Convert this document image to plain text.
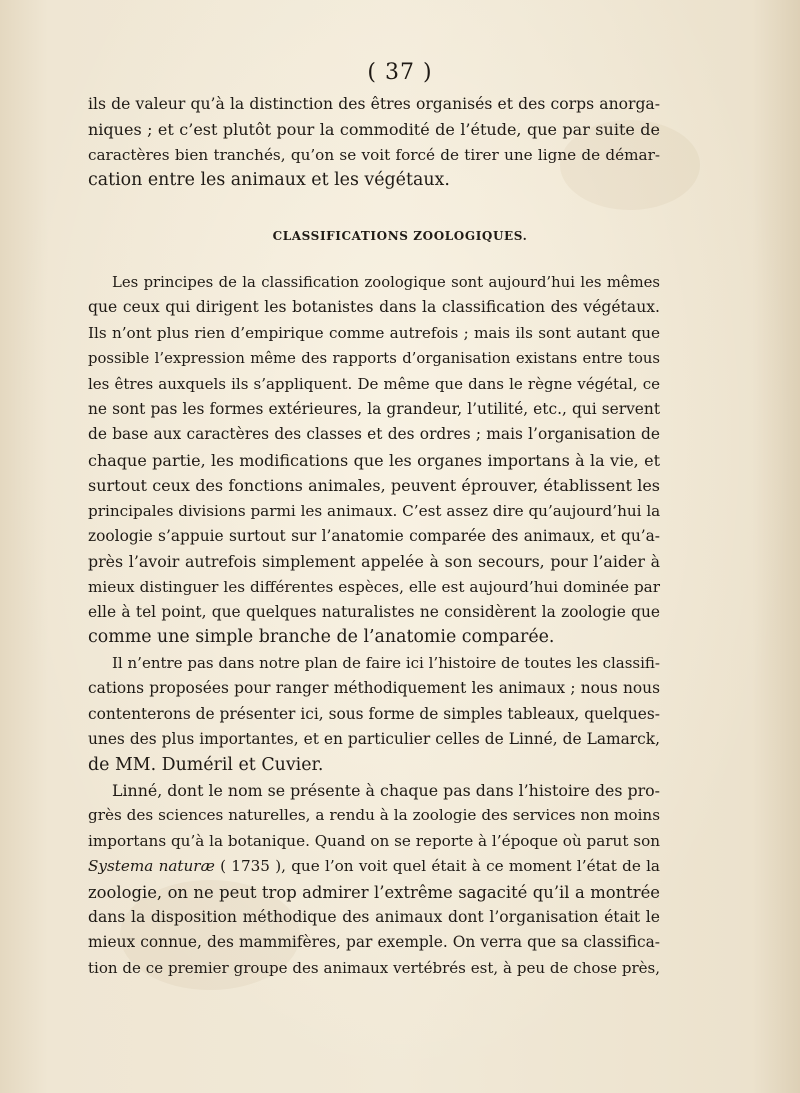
( 37 )
ils de valeur qu’à la distinction des êtres organisés et des corps anorga-
niques ; et c’est plutôt pour la commodité de l’étude, que par suite de
caractères bien tranchés, qu’on se voit forcé de tirer une ligne de démar-
cation entre les animaux et les végétaux.
CLASSIFICATIONS ZOOLOGIQUES.
Les principes de la classification zoologique sont aujourd’hui les mêmes
que ceux qui dirigent les botanistes dans la classification des végétaux.
Ils n’ont plus rien d’empirique comme autrefois ; mais ils sont autant que
possible l’expression même des rapports d’organisation existans entre tous
les êtres auxquels ils s’appliquent. De même que dans le règne végétal, ce
ne sont pas les formes extérieures, la grandeur, l’utilité, etc., qui servent
de base aux caractères des classes et des ordres ; mais l’organisation de
chaque partie, les modifications que les organes importans à la vie, et
surtout ceux des fonctions animales, peuvent éprouver, établissent les
principales divisions parmi les animaux. C’est assez dire qu’aujourd’hui la
zoologie s’appuie surtout sur l’anatomie comparée des animaux, et qu’a-
près l’avoir autrefois simplement appelée à son secours, pour l’aider à
mieux distinguer les différentes espèces, elle est aujourd’hui dominée par
elle à tel point, que quelques naturalistes ne considèrent la zoologie que
comme une simple branche de l’anatomie comparée.
Il n’entre pas dans notre plan de faire ici l’histoire de toutes les classifi-
cations proposées pour ranger méthodiquement les animaux ; nous nous
contenterons de présenter ici, sous forme de simples tableaux, quelques-
unes des plus importantes, et en particulier celles de Linné, de Lamarck,
de MM. Duméril et Cuvier.
Linné, dont le nom se présente à chaque pas dans l’histoire des pro-
grès des sciences naturelles, a rendu à la zoologie des services non moins
importans qu’à la botanique. Quand on se reporte à l’époque où parut son
Systema naturæ ( 1735 ), que l’on voit quel était à ce moment l’état de la
zoologie, on ne peut trop admirer l’extrême sagacité qu’il a montrée
dans la disposition méthodique des animaux dont l’organisation était le
mieux connue, des mammifères, par exemple. On verra que sa classifica-
tion de ce premier groupe des animaux vertébrés est, à peu de chose près,
